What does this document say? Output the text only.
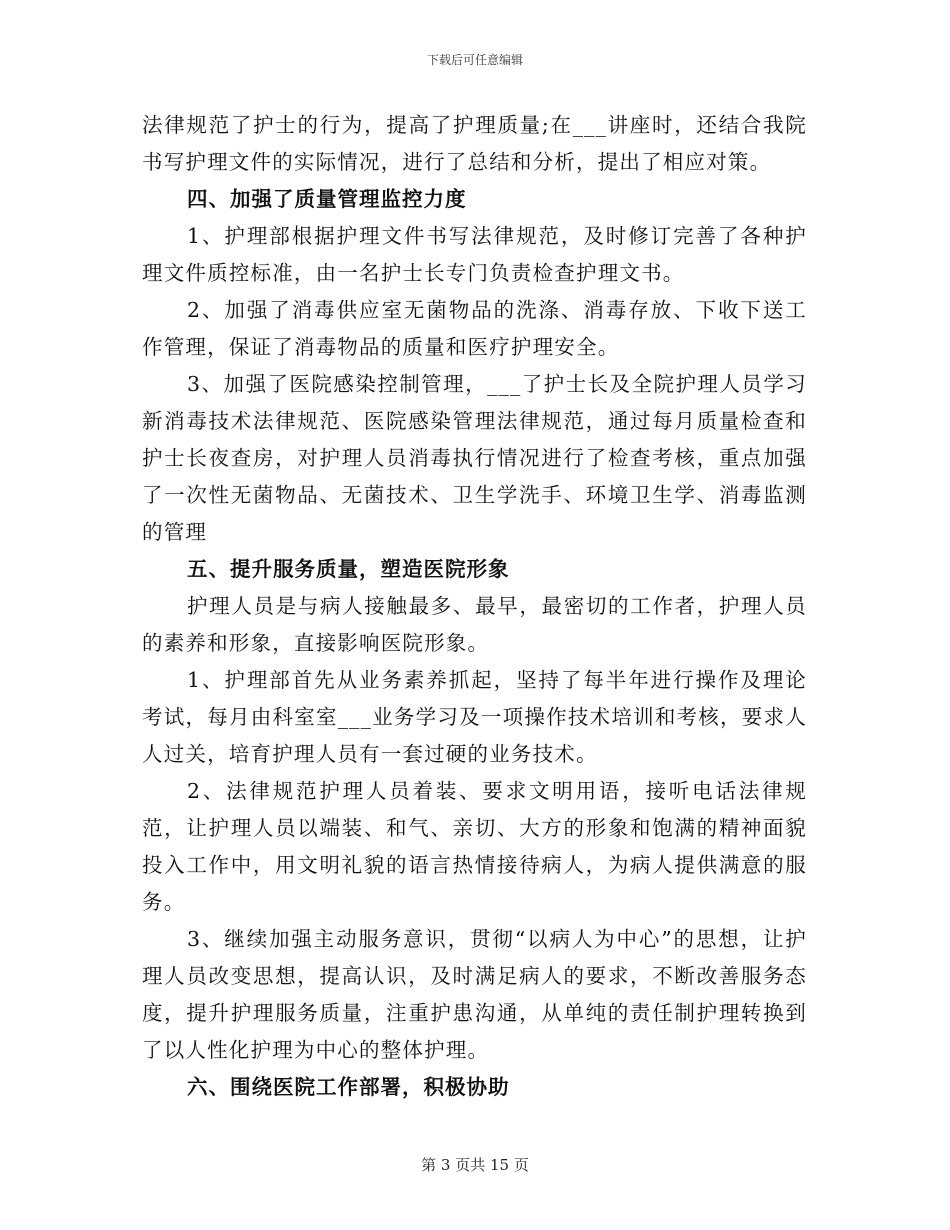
下载后可任意编辑

法律规范了护士的行为，提高了护理质量;在___讲座时，还结合我院书写护理文件的实际情况，进行了总结和分析，提出了相应对策。

四、加强了质量管理监控力度

1、护理部根据护理文件书写法律规范，及时修订完善了各种护理文件质控标准，由一名护士长专门负责检查护理文书。

2、加强了消毒供应室无菌物品的洗涤、消毒存放、下收下送工作管理，保证了消毒物品的质量和医疗护理安全。

3、加强了医院感染控制管理，___了护士长及全院护理人员学习新消毒技术法律规范、医院感染管理法律规范，通过每月质量检查和护士长夜查房，对护理人员消毒执行情况进行了检查考核，重点加强了一次性无菌物品、无菌技术、卫生学洗手、环境卫生学、消毒监测的管理

五、提升服务质量，塑造医院形象

护理人员是与病人接触最多、最早，最密切的工作者，护理人员的素养和形象，直接影响医院形象。

1、护理部首先从业务素养抓起，坚持了每半年进行操作及理论考试，每月由科室室___业务学习及一项操作技术培训和考核，要求人人过关，培育护理人员有一套过硬的业务技术。

2、法律规范护理人员着装、要求文明用语，接听电话法律规范，让护理人员以端装、和气、亲切、大方的形象和饱满的精神面貌投入工作中，用文明礼貌的语言热情接待病人，为病人提供满意的服务。

3、继续加强主动服务意识，贯彻“以病人为中心”的思想，让护理人员改变思想，提高认识，及时满足病人的要求，不断改善服务态度，提升护理服务质量，注重护患沟通，从单纯的责任制护理转换到了以人性化护理为中心的整体护理。

六、围绕医院工作部署，积极协助

第 3 页共 15 页
